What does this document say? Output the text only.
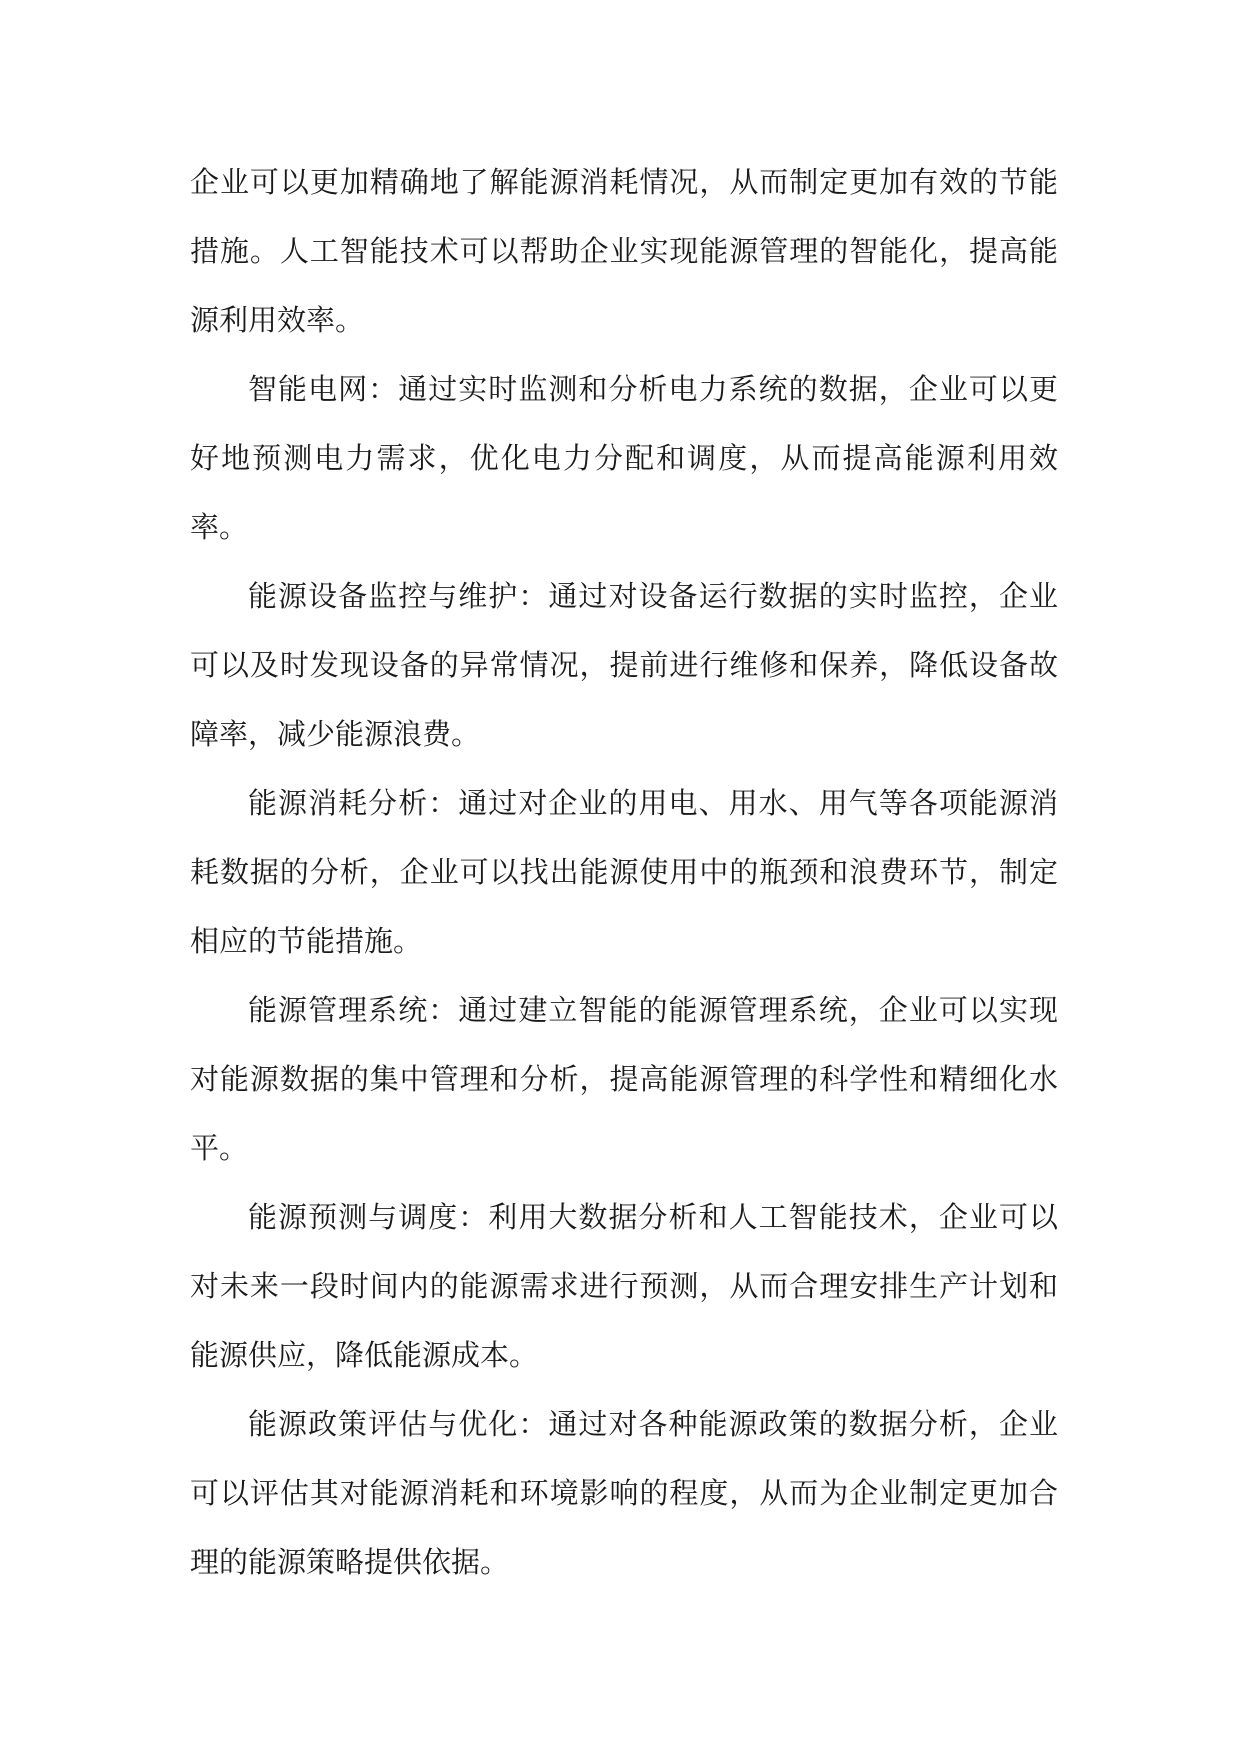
企业可以更加精确地了解能源消耗情况，从而制定更加有效的节能措施。人工智能技术可以帮助企业实现能源管理的智能化，提高能源利用效率。

智能电网：通过实时监测和分析电力系统的数据，企业可以更好地预测电力需求，优化电力分配和调度，从而提高能源利用效率。

能源设备监控与维护：通过对设备运行数据的实时监控，企业可以及时发现设备的异常情况，提前进行维修和保养，降低设备故障率，减少能源浪费。

能源消耗分析：通过对企业的用电、用水、用气等各项能源消耗数据的分析，企业可以找出能源使用中的瓶颈和浪费环节，制定相应的节能措施。

能源管理系统：通过建立智能的能源管理系统，企业可以实现对能源数据的集中管理和分析，提高能源管理的科学性和精细化水平。

能源预测与调度：利用大数据分析和人工智能技术，企业可以对未来一段时间内的能源需求进行预测，从而合理安排生产计划和能源供应，降低能源成本。

能源政策评估与优化：通过对各种能源政策的数据分析，企业可以评估其对能源消耗和环境影响的程度，从而为企业制定更加合理的能源策略提供依据。
